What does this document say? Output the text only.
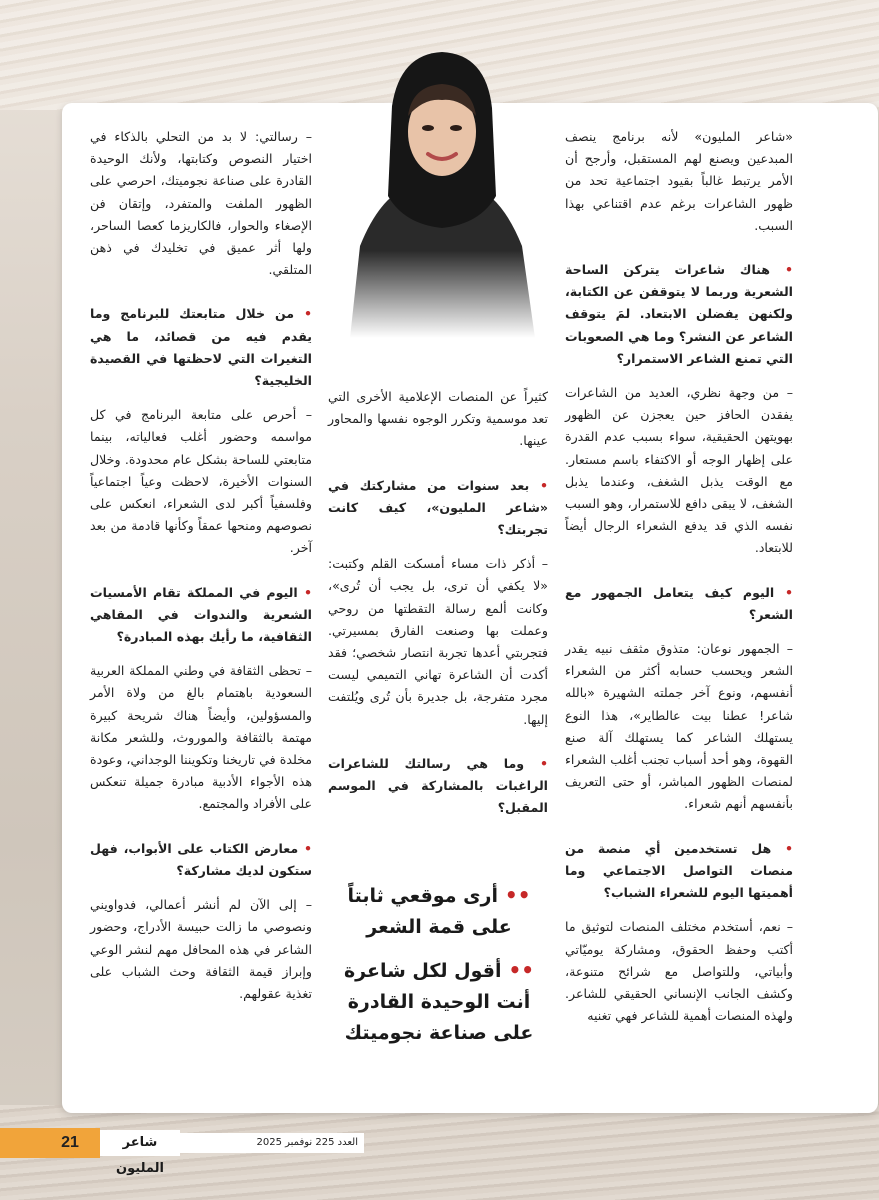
«شاعر المليون» لأنه برنامج ينصف المبدعين ويصنع لهم المستقبل، وأرجح أن الأمر يرتبط غالباً بقيود اجتماعية تحد من ظهور الشاعرات برغم عدم اقتناعي بهذا السبب.

• هناك شاعرات يتركن الساحة الشعرية وربما لا يتوقفن عن الكتابة، ولكنهن يفضلن الابتعاد. لمَ يتوقف الشاعر عن النشر؟ وما هي الصعوبات التي تمنع الشاعر الاستمرار؟

– من وجهة نظري، العديد من الشاعرات يفقدن الحافز حين يعجزن عن الظهور بهويتهن الحقيقية، سواء بسبب عدم القدرة على إظهار الوجه أو الاكتفاء باسم مستعار. مع الوقت يذبل الشغف، وعندما يذبل الشغف، لا يبقى دافع للاستمرار، وهو السبب نفسه الذي قد يدفع الشعراء الرجال أيضاً للابتعاد.

• اليوم كيف يتعامل الجمهور مع الشعر؟

– الجمهور نوعان: متذوق مثقف نبيه يقدر الشعر ويحسب حسابه أكثر من الشعراء أنفسهم، ونوع آخر جملته الشهيرة «بالله شاعر! عطنا بيت عالطاير»، هذا النوع يستهلك الشاعر كما يستهلك آلة صنع القهوة، وهو أحد أسباب تجنب أغلب الشعراء لمنصات الظهور المباشر، أو حتى التعريف بأنفسهم أنهم شعراء.

• هل تستخدمين أي منصة من منصات التواصل الاجتماعي وما أهميتها اليوم للشعراء الشباب؟

– نعم، أستخدم مختلف المنصات لتوثيق ما أكتب وحفظ الحقوق، ومشاركة يوميّاتي وأبياتي، وللتواصل مع شرائح متنوعة، وكشف الجانب الإنساني الحقيقي للشاعر. ولهذه المنصات أهمية للشاعر فهي تغنيه

كثيراً عن المنصات الإعلامية الأخرى التي تعد موسمية وتكرر الوجوه نفسها والمحاور عينها.

• بعد سنوات من مشاركتك في «شاعر المليون»، كيف كانت تجربتك؟

– أذكر ذات مساء أمسكت القلم وكتبت: «لا يكفي أن ترى، بل يجب أن تُرى»، وكانت ألمع رسالة التقطتها من روحي وعملت بها وصنعت الفارق بمسيرتي. فتجربتي أعدها تجربة انتصار شخصي؛ فقد أكدت أن الشاعرة تهاني التميمي ليست مجرد متفرجة، بل جديرة بأن تُرى ويُلتفت إليها.

• وما هي رسالتك للشاعرات الراغبات بالمشاركة في الموسم المقبل؟

•• أرى موقعي ثابتاً على قمة الشعر
•• أقول لكل شاعرة أنت الوحيدة القادرة على صناعة نجوميتك

– رسالتي: لا بد من التحلي بالذكاء في اختيار النصوص وكتابتها، ولأنك الوحيدة القادرة على صناعة نجوميتك، احرصي على الظهور الملفت والمتفرد، وإتقان فن الإصغاء والحوار، فالكاريزما كعصا الساحر، ولها أثر عميق في تخليدك في ذهن المتلقي.

• من خلال متابعتك للبرنامج وما يقدم فيه من قصائد، ما هي التغيرات التي لاحظتها في القصيدة الخليجية؟

– أحرص على متابعة البرنامج في كل مواسمه وحضور أغلب فعالياته، بينما متابعتي للساحة بشكل عام محدودة. وخلال السنوات الأخيرة، لاحظت وعياً اجتماعياً وفلسفياً أكبر لدى الشعراء، انعكس على نصوصهم ومنحها عمقاً وكأنها قادمة من بعد آخر.

• اليوم في المملكة تقام الأمسيات الشعرية والندوات في المقاهي الثقافية، ما رأيك بهذه المبادرة؟

– تحظى الثقافة في وطني المملكة العربية السعودية باهتمام بالغ من ولاة الأمر والمسؤولين، وأيضاً هناك شريحة كبيرة مهتمة بالثقافة والموروث، وللشعر مكانة مخلدة في تاريخنا وتكويننا الوجداني، وعودة هذه الأجواء الأدبية مبادرة جميلة تنعكس على الأفراد والمجتمع.

• معارض الكتاب على الأبواب، فهل ستكون لديك مشاركة؟

– إلى الآن لم أنشر أعمالي، فدواويني ونصوصي ما زالت حبيسة الأدراج، وحضور الشاعر في هذه المحافل مهم لنشر الوعي وإبراز قيمة الثقافة وحث الشباب على تغذية عقولهم.

21	شاعر المليون
العدد 225 نوفمبر 2025
